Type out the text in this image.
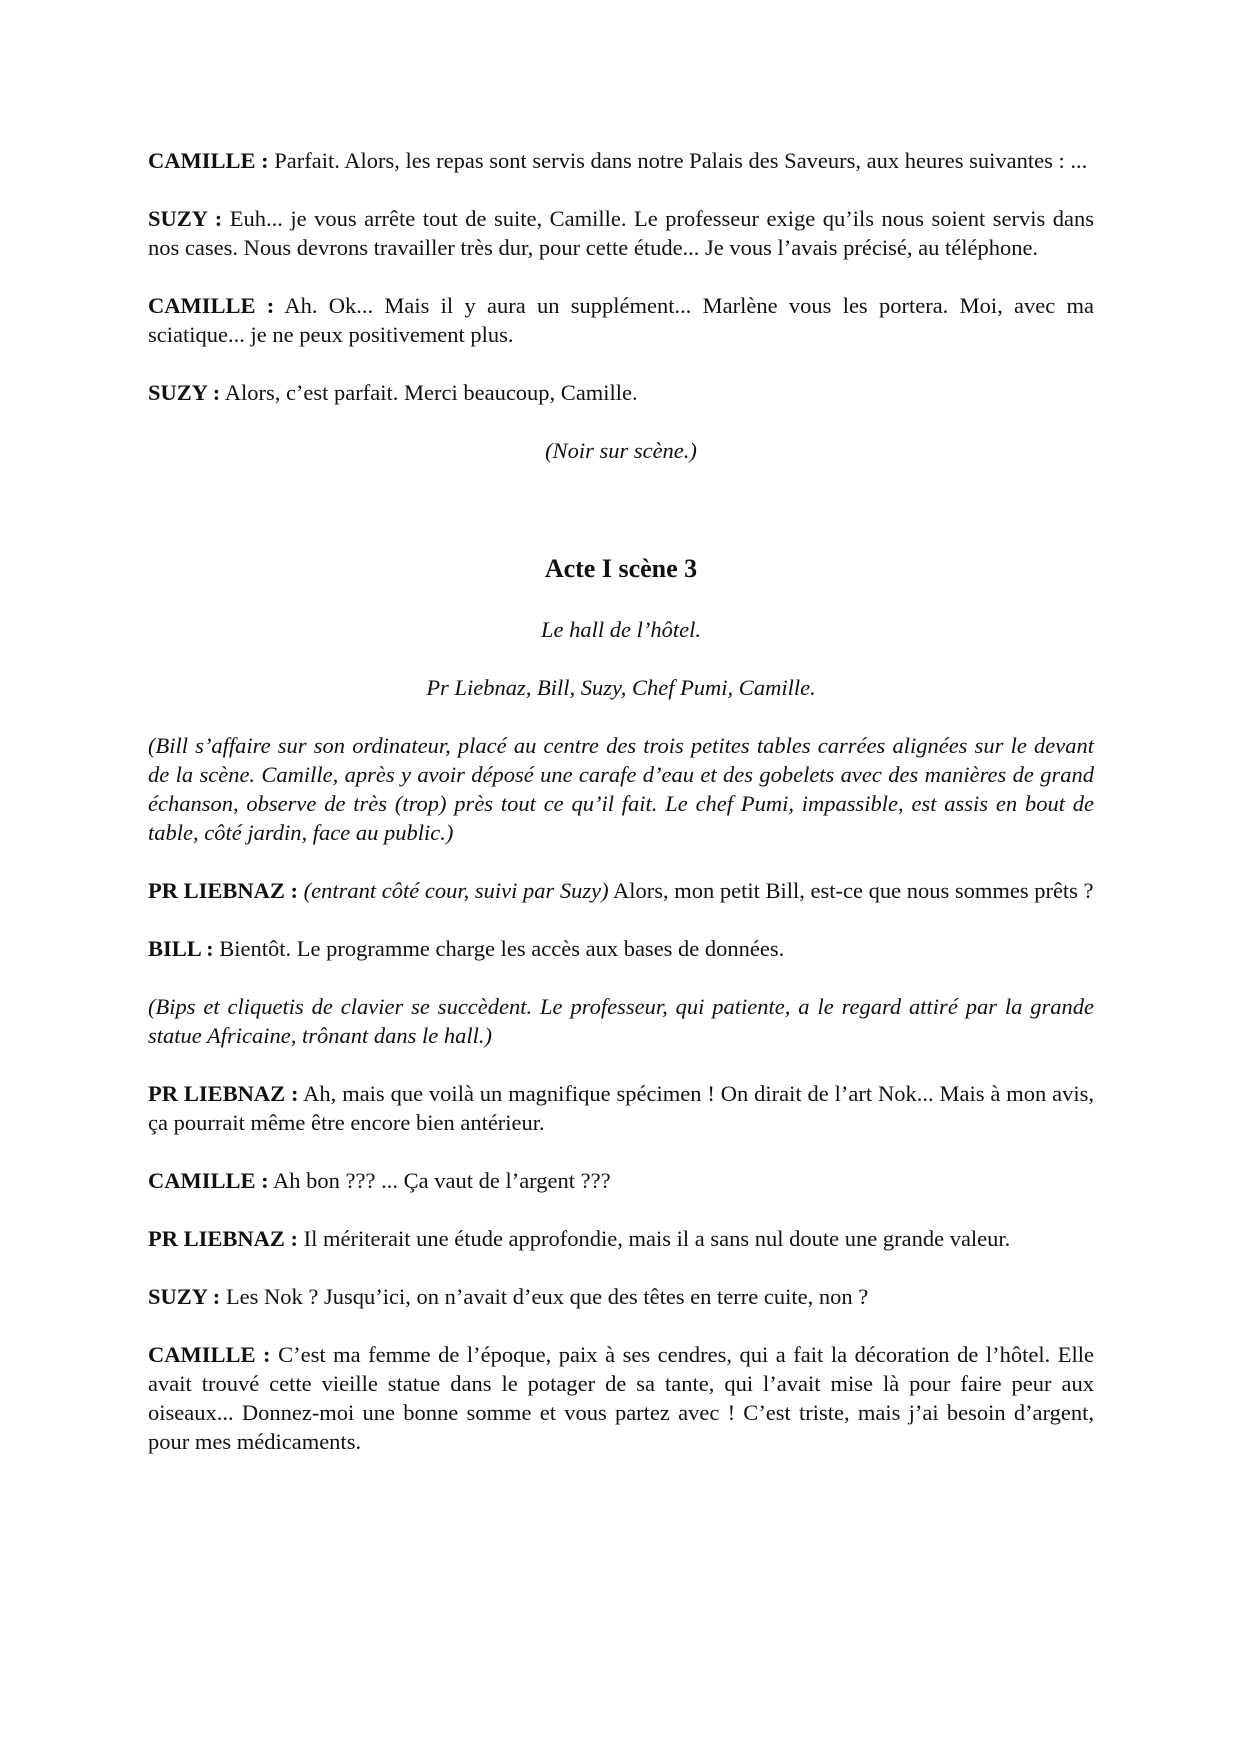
CAMILLE : Parfait. Alors, les repas sont servis dans notre Palais des Saveurs, aux heures suivantes : ...

SUZY : Euh... je vous arrête tout de suite, Camille. Le professeur exige qu’ils nous soient servis dans nos cases. Nous devrons travailler très dur, pour cette étude... Je vous l’avais précisé, au téléphone.

CAMILLE : Ah. Ok... Mais il y aura un supplément... Marlène vous les portera. Moi, avec ma sciatique... je ne peux positivement plus.

SUZY : Alors, c’est parfait. Merci beaucoup, Camille.

(Noir sur scène.)

Acte I scène 3

Le hall de l’hôtel.

Pr Liebnaz, Bill, Suzy, Chef Pumi, Camille.

(Bill s’affaire sur son ordinateur, placé au centre des trois petites tables carrées alignées sur le devant de la scène. Camille, après y avoir déposé une carafe d’eau et des gobelets avec des manières de grand échanson, observe de très (trop) près tout ce qu’il fait. Le chef Pumi, impassible, est assis en bout de table, côté jardin, face au public.)

PR LIEBNAZ : (entrant côté cour, suivi par Suzy) Alors, mon petit Bill, est-ce que nous sommes prêts ?

BILL : Bientôt. Le programme charge les accès aux bases de données.

(Bips et cliquetis de clavier se succèdent. Le professeur, qui patiente, a le regard attiré par la grande statue Africaine, trônant dans le hall.)

PR LIEBNAZ : Ah, mais que voilà un magnifique spécimen ! On dirait de l’art Nok... Mais à mon avis, ça pourrait même être encore bien antérieur.

CAMILLE : Ah bon ??? ... Ça vaut de l’argent ???

PR LIEBNAZ : Il mériterait une étude approfondie, mais il a sans nul doute une grande valeur.

SUZY : Les Nok ? Jusqu’ici, on n’avait d’eux que des têtes en terre cuite, non ?

CAMILLE : C’est ma femme de l’époque, paix à ses cendres, qui a fait la décoration de l’hôtel. Elle avait trouvé cette vieille statue dans le potager de sa tante, qui l’avait mise là pour faire peur aux oiseaux... Donnez-moi une bonne somme et vous partez avec ! C’est triste, mais j’ai besoin d’argent, pour mes médicaments.
